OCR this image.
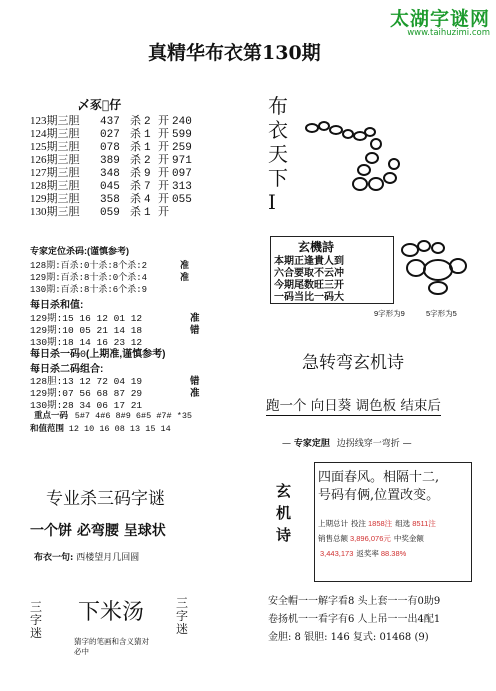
太湖字谜网
www.taihuzimi.com
真精华布衣第130期
乄豖𨧇仔
123期三胆 437 杀 2 开 240
124期三胆 027 杀 1 开 599
125期三胆 078 杀 1 开 259
126期三胆 389 杀 2 开 971
127期三胆 348 杀 9 开 097
128期三胆 045 杀 7 开 313
129期三胆 358 杀 4 开 055
130期三胆 059 杀 1 开
专家定位杀码:(谨慎参考)
128期:百杀:0十杀:8个杀:2	准
129期:百杀:8十杀:0个杀:4	准
130期:百杀:8十杀:6个杀:9
每日杀和值:
129期:15 16 12 01 12	准
129期:10 05 21 14 18	错
130期:18 14 16 23 12
每日杀一码0(上期准,谨慎参考)
每日杀二码组合:
128胆:13 12 72 04 19	错
129期:07 56 68 87 29	准
130期:28 34 06 17 21
重点一码 5#7 4#6 8#9 6#5 #7# *35
和值范围 12 10 16 08 13 15 14
专业杀三码字谜
一个饼 必弯腰 呈球状
布衣一句: 西楼望月几回圆
三字迷
下米汤	三字迷
猜字的笔画和含义猜对必中
布衣天下I
玄機詩
本期正逢貴人到
六合要取不云冲
今期尾数旺三开
一码当比一码大
9字形为9	5字形为5
急转弯玄机诗
跑一个 向日葵 调色板 结束后
— 专家定胆 边拐线穿一弯折 —
玄机诗
四面春风。相隔十二,
号码有俩,位置改变。
上期总计 投注 1858注 组选 8511注
销售总额 3,896,076元 中奖金额
3,443,173 返奖率 88.38%
安全帽一一解字看8 头上套一一有0助9
卷扬机一一看字有6 人上吊一一出4配1
金胆: 8 银胆: 146 复式: 01468 (9)
